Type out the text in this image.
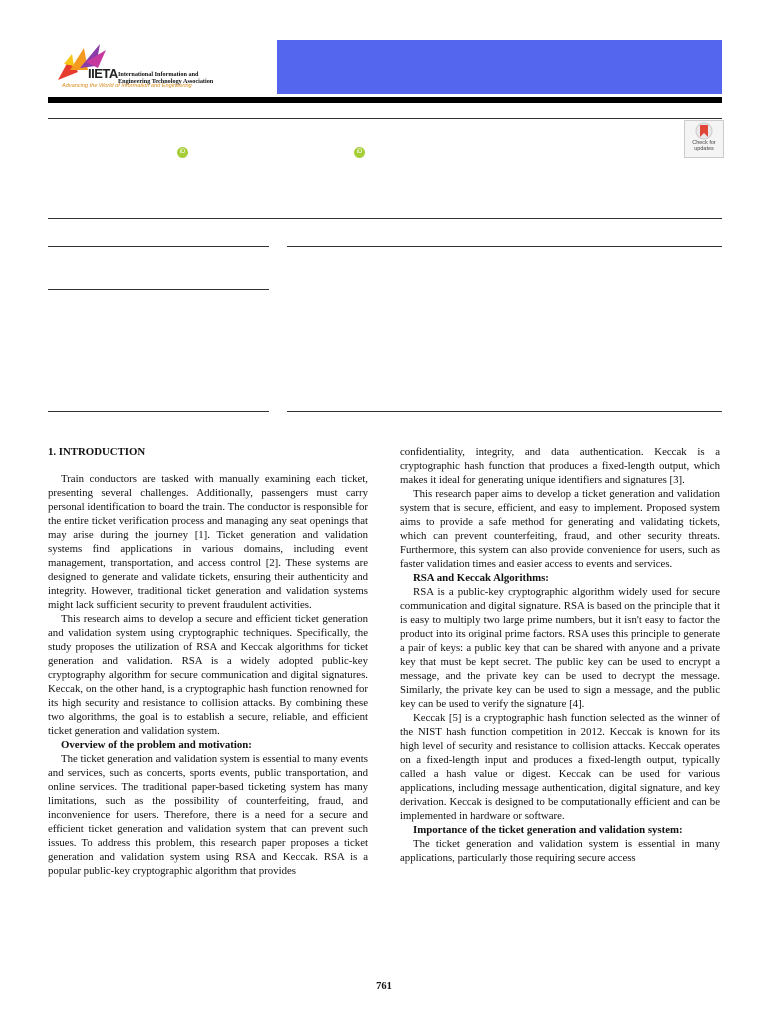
IIETA International Information and
Engineering Technology Association
Advancing the World of Information and Engineering
iD	iD
Check for
updates
1. INTRODUCTION

Train conductors are tasked with manually examining each ticket, presenting several challenges. Additionally, passengers must carry personal identification to board the train. The conductor is responsible for the entire ticket verification process and managing any seat openings that may arise during the journey [1]. Ticket generation and validation systems find applications in various domains, including event management, transportation, and access control [2]. These systems are designed to generate and validate tickets, ensuring their authenticity and integrity. However, traditional ticket generation and validation systems might lack sufficient security to prevent fraudulent activities.

This research aims to develop a secure and efficient ticket generation and validation system using cryptographic techniques. Specifically, the study proposes the utilization of RSA and Keccak algorithms for ticket generation and validation. RSA is a widely adopted public-key cryptography algorithm for secure communication and digital signatures. Keccak, on the other hand, is a cryptographic hash function renowned for its high security and resistance to collision attacks. By combining these two algorithms, the goal is to establish a secure, reliable, and efficient ticket generation and validation system.

Overview of the problem and motivation:

The ticket generation and validation system is essential to many events and services, such as concerts, sports events, public transportation, and online services. The traditional paper-based ticketing system has many limitations, such as the possibility of counterfeiting, fraud, and inconvenience for users. Therefore, there is a need for a secure and efficient ticket generation and validation system that can prevent such issues. To address this problem, this research paper proposes a ticket generation and validation system using RSA and Keccak. RSA is a popular public-key cryptographic algorithm that provides

confidentiality, integrity, and data authentication. Keccak is a cryptographic hash function that produces a fixed-length output, which makes it ideal for generating unique identifiers and signatures [3].

This research paper aims to develop a ticket generation and validation system that is secure, efficient, and easy to implement. Proposed system aims to provide a safe method for generating and validating tickets, which can prevent counterfeiting, fraud, and other security threats. Furthermore, this system can also provide convenience for users, such as faster validation times and easier access to events and services.

RSA and Keccak Algorithms:

RSA is a public-key cryptographic algorithm widely used for secure communication and digital signature. RSA is based on the principle that it is easy to multiply two large prime numbers, but it isn't easy to factor the product into its original prime factors. RSA uses this principle to generate a pair of keys: a public key that can be shared with anyone and a private key that must be kept secret. The public key can be used to encrypt a message, and the private key can be used to decrypt the message. Similarly, the private key can be used to sign a message, and the public key can be used to verify the signature [4].

Keccak [5] is a cryptographic hash function selected as the winner of the NIST hash function competition in 2012. Keccak is known for its high level of security and resistance to collision attacks. Keccak operates on a fixed-length input and produces a fixed-length output, typically called a hash value or digest. Keccak can be used for various applications, including message authentication, digital signature, and key derivation. Keccak is designed to be computationally efficient and can be implemented in hardware or software.

Importance of the ticket generation and validation system:

The ticket generation and validation system is essential in many applications, particularly those requiring secure access

761
